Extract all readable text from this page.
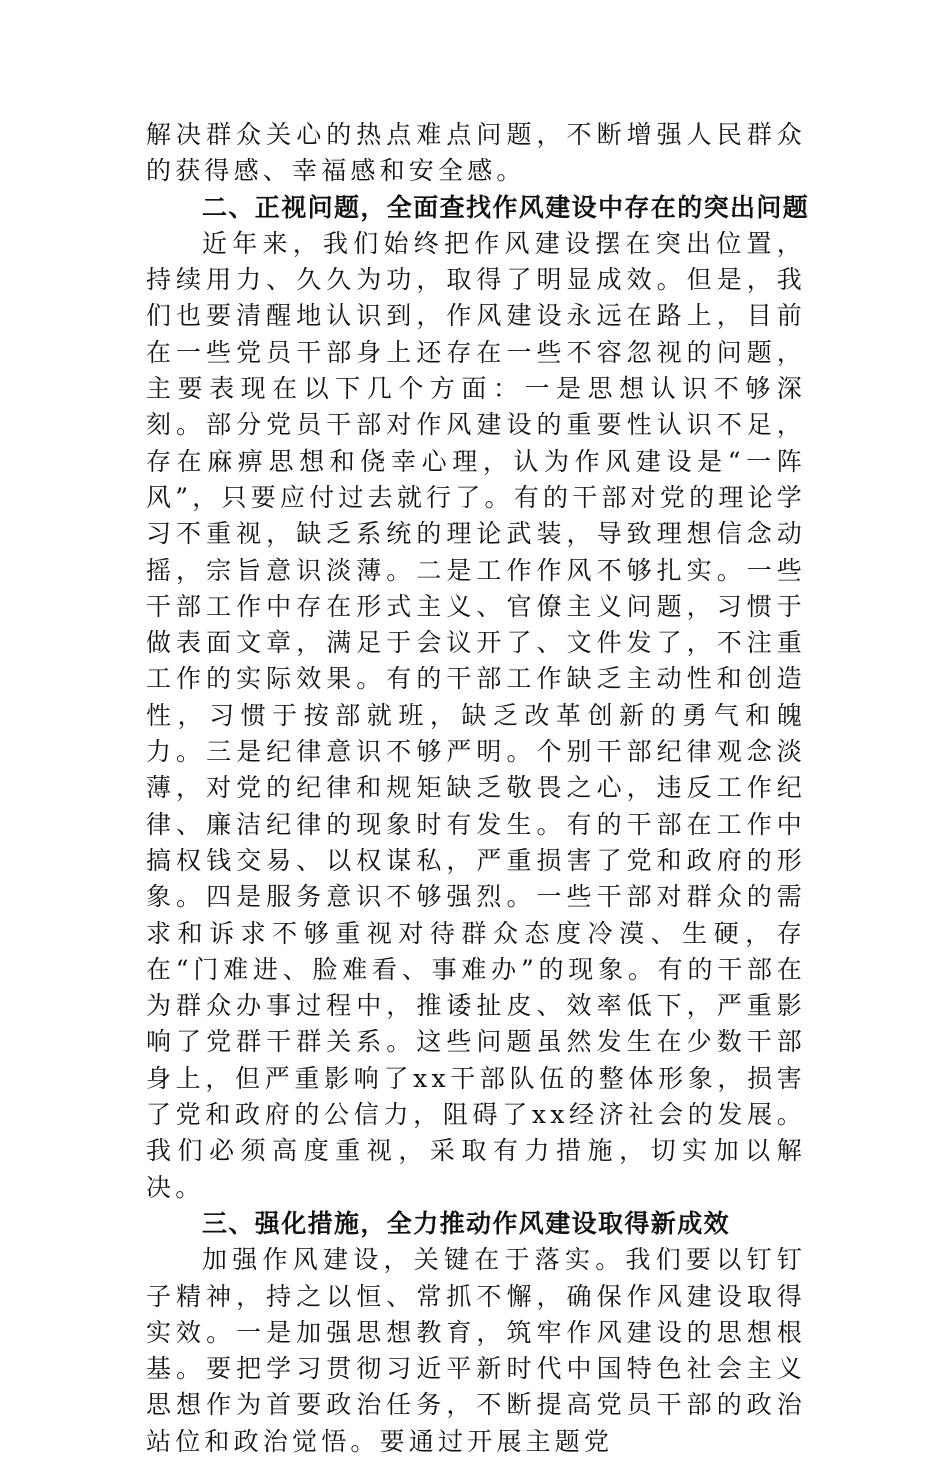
解决群众关心的热点难点问题，不断增强人民群众的获得感、幸福感和安全感。

二、正视问题，全面查找作风建设中存在的突出问题

近年来，我们始终把作风建设摆在突出位置，持续用力、久久为功，取得了明显成效。但是，我们也要清醒地认识到，作风建设永远在路上，目前在一些党员干部身上还存在一些不容忽视的问题，主要表现在以下几个方面：一是思想认识不够深刻。部分党员干部对作风建设的重要性认识不足，存在麻痹思想和侥幸心理，认为作风建设是“一阵风”，只要应付过去就行了。有的干部对党的理论学习不重视，缺乏系统的理论武装，导致理想信念动摇，宗旨意识淡薄。二是工作作风不够扎实。一些干部工作中存在形式主义、官僚主义问题，习惯于做表面文章，满足于会议开了、文件发了，不注重工作的实际效果。有的干部工作缺乏主动性和创造性，习惯于按部就班，缺乏改革创新的勇气和魄力。三是纪律意识不够严明。个别干部纪律观念淡薄，对党的纪律和规矩缺乏敬畏之心，违反工作纪律、廉洁纪律的现象时有发生。有的干部在工作中搞权钱交易、以权谋私，严重损害了党和政府的形象。四是服务意识不够强烈。一些干部对群众的需求和诉求不够重视对待群众态度冷漠、生硬，存在“门难进、脸难看、事难办”的现象。有的干部在为群众办事过程中，推诿扯皮、效率低下，严重影响了党群干群关系。这些问题虽然发生在少数干部身上，但严重影响了xx干部队伍的整体形象，损害了党和政府的公信力，阻碍了xx经济社会的发展。我们必须高度重视，采取有力措施，切实加以解决。

三、强化措施，全力推动作风建设取得新成效

加强作风建设，关键在于落实。我们要以钉钉子精神，持之以恒、常抓不懈，确保作风建设取得实效。一是加强思想教育，筑牢作风建设的思想根基。要把学习贯彻习近平新时代中国特色社会主义思想作为首要政治任务，不断提高党员干部的政治站位和政治觉悟。要通过开展主题党
